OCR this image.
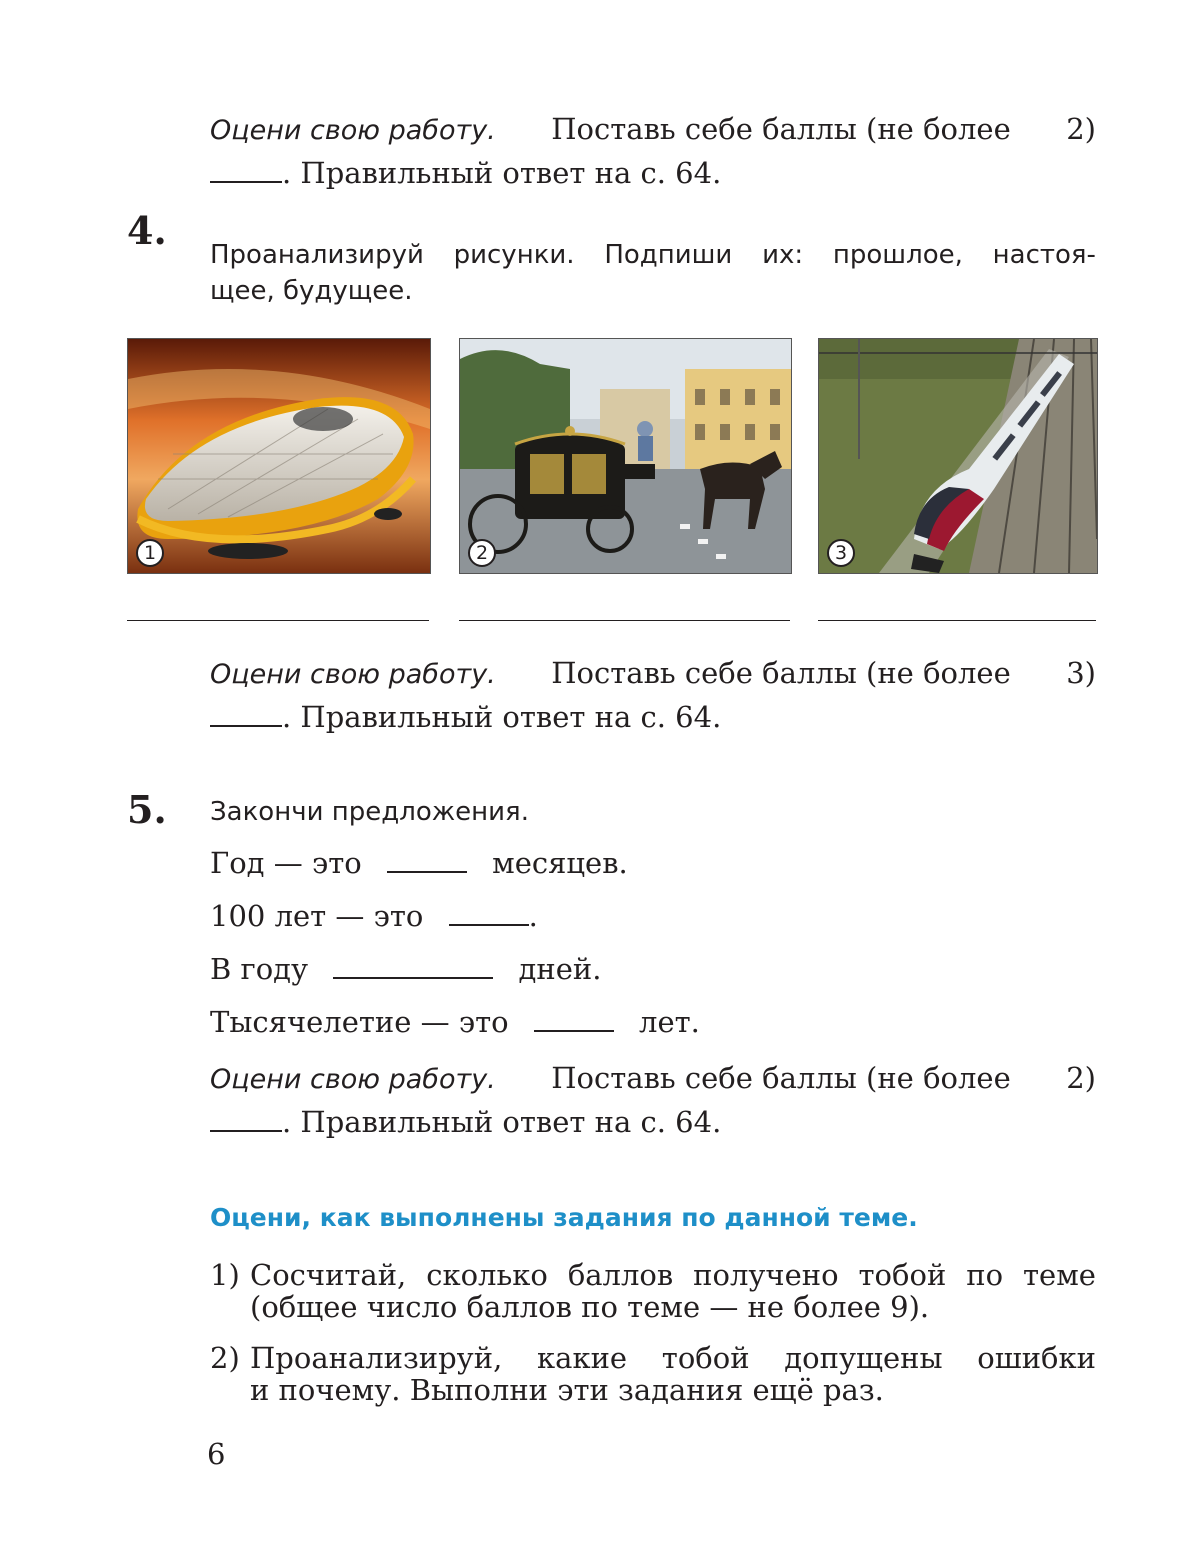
Оцени свою работу. Поставь себе баллы (не более 2)
. Правильный ответ на с. 64.
4.
Проанализируй рисунки. Подпиши их: прошлое, настоя-
щее, будущее.
1	2	3
Оцени свою работу. Поставь себе баллы (не более 3)
. Правильный ответ на с. 64.
5. Закончи предложения.
Год — это	месяцев.
100 лет — это	.
В году	дней.
Тысячелетие — это	лет.
Оцени свою работу. Поставь себе баллы (не более 2)
. Правильный ответ на с. 64.
Оцени, как выполнены задания по данной теме.
1) Сосчитай, сколько баллов получено тобой по теме
(общее число баллов по теме — не более 9).
2) Проанализируй, какие тобой допущены ошибки
и почему. Выполни эти задания ещё раз.
6
